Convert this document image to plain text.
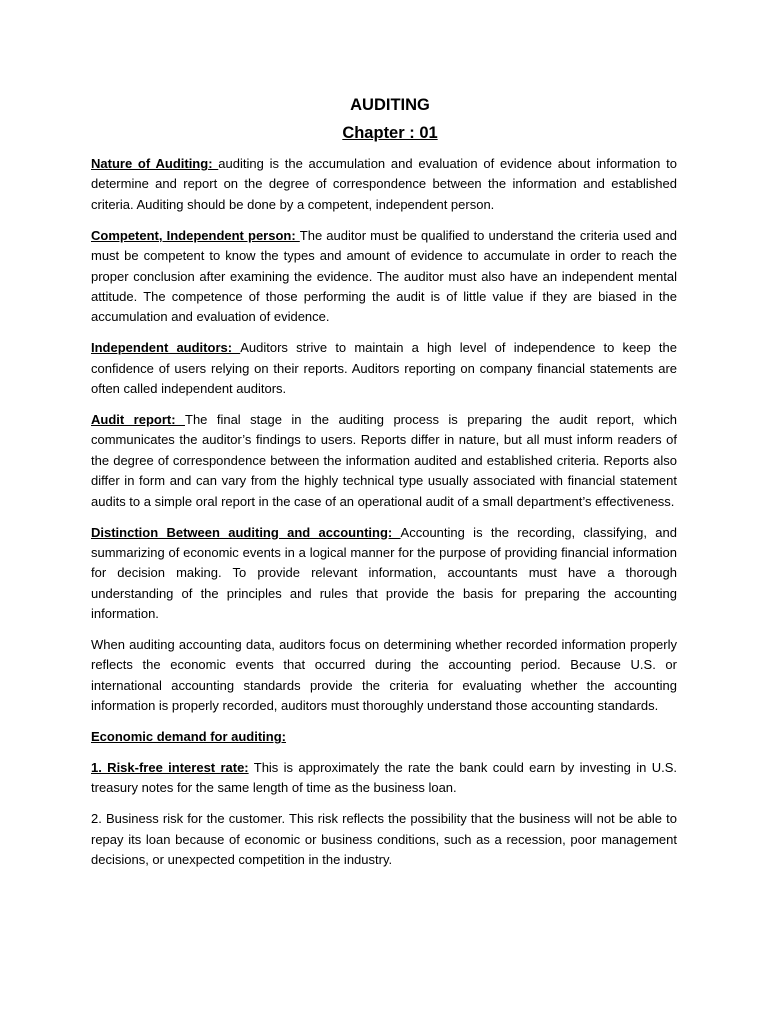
AUDITING
Chapter : 01

Nature of Auditing: auditing is the accumulation and evaluation of evidence about information to determine and report on the degree of correspondence between the information and established criteria. Auditing should be done by a competent, independent person.

Competent, Independent person: The auditor must be qualified to understand the criteria used and must be competent to know the types and amount of evidence to accumulate in order to reach the proper conclusion after examining the evidence. The auditor must also have an independent mental attitude. The competence of those performing the audit is of little value if they are biased in the accumulation and evaluation of evidence.

Independent auditors: Auditors strive to maintain a high level of independence to keep the confidence of users relying on their reports. Auditors reporting on company financial statements are often called independent auditors.

Audit report: The final stage in the auditing process is preparing the audit report, which communicates the auditor’s findings to users. Reports differ in nature, but all must inform readers of the degree of correspondence between the information audited and established criteria. Reports also differ in form and can vary from the highly technical type usually associated with financial statement audits to a simple oral report in the case of an operational audit of a small department’s effectiveness.

Distinction Between auditing and accounting: Accounting is the recording, classifying, and summarizing of economic events in a logical manner for the purpose of providing financial information for decision making. To provide relevant information, accountants must have a thorough understanding of the principles and rules that provide the basis for preparing the accounting information.

When auditing accounting data, auditors focus on determining whether recorded information properly reflects the economic events that occurred during the accounting period. Because U.S. or international accounting standards provide the criteria for evaluating whether the accounting information is properly recorded, auditors must thoroughly understand those accounting standards.

Economic demand for auditing:

1. Risk-free interest rate: This is approximately the rate the bank could earn by investing in U.S. treasury notes for the same length of time as the business loan.

2. Business risk for the customer. This risk reflects the possibility that the business will not be able to repay its loan because of economic or business conditions, such as a recession, poor management decisions, or unexpected competition in the industry.
